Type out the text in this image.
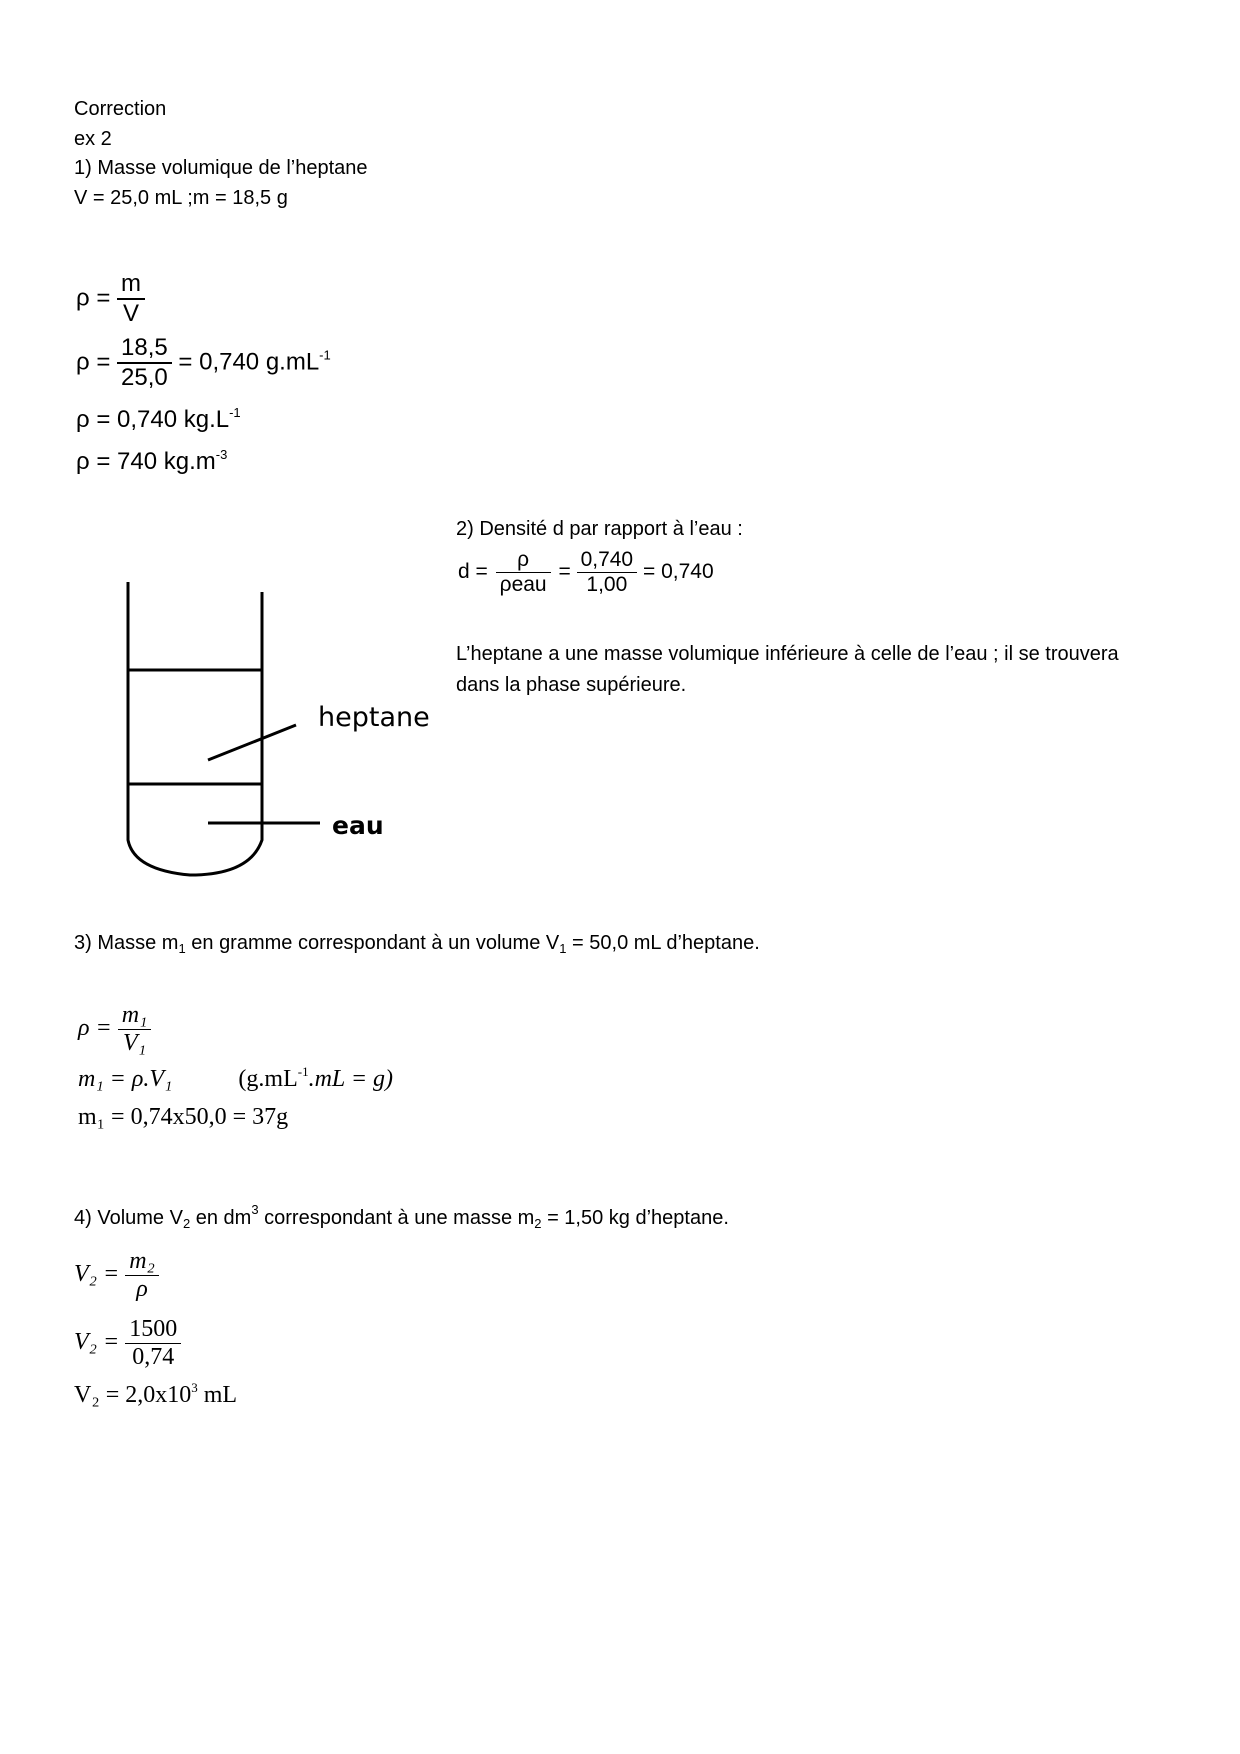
Correction
ex 2
1) Masse volumique de l’heptane
V = 25,0 mL ;m = 18,5 g
$\rho = \frac{m}{V}$
$\rho = \frac{18,5}{25,0} = 0,740$ $g.mL^{-1}$
ρ = 0,740 $kg.L^{-1}$
ρ = 740 $kg.m^{-3}$
2) Densité d par rapport à l’eau :
$d = \frac{\rho}{\text{ρeau}} = \frac{0,740}{1,00} = 0,740$
L’heptane a une masse volumique inférieure à celle de l’eau ; il se trouvera
dans la phase supérieure.
heptane
eau
3) Masse $m_1$ en gramme correspondant à un volume $V_1 = 50,0$ mL d’heptane.
$\rho = \frac{\text{m₁}}{\text{V₁}}$
m₁ = ρ.V₁	$(g.mL^{-1}.mL = g)$
m₁ = 0,74x50,0 = 37g
4) Volume $V_2$ en $dm^3$ correspondant à une masse $m_2 = 1,50$ kg d’heptane.
$V_2 = \frac{\text{m₂}}{\rho}$
$V_2 = \frac{1500}{0,74}$
$V_2 = 2,0x10^3$ mL
